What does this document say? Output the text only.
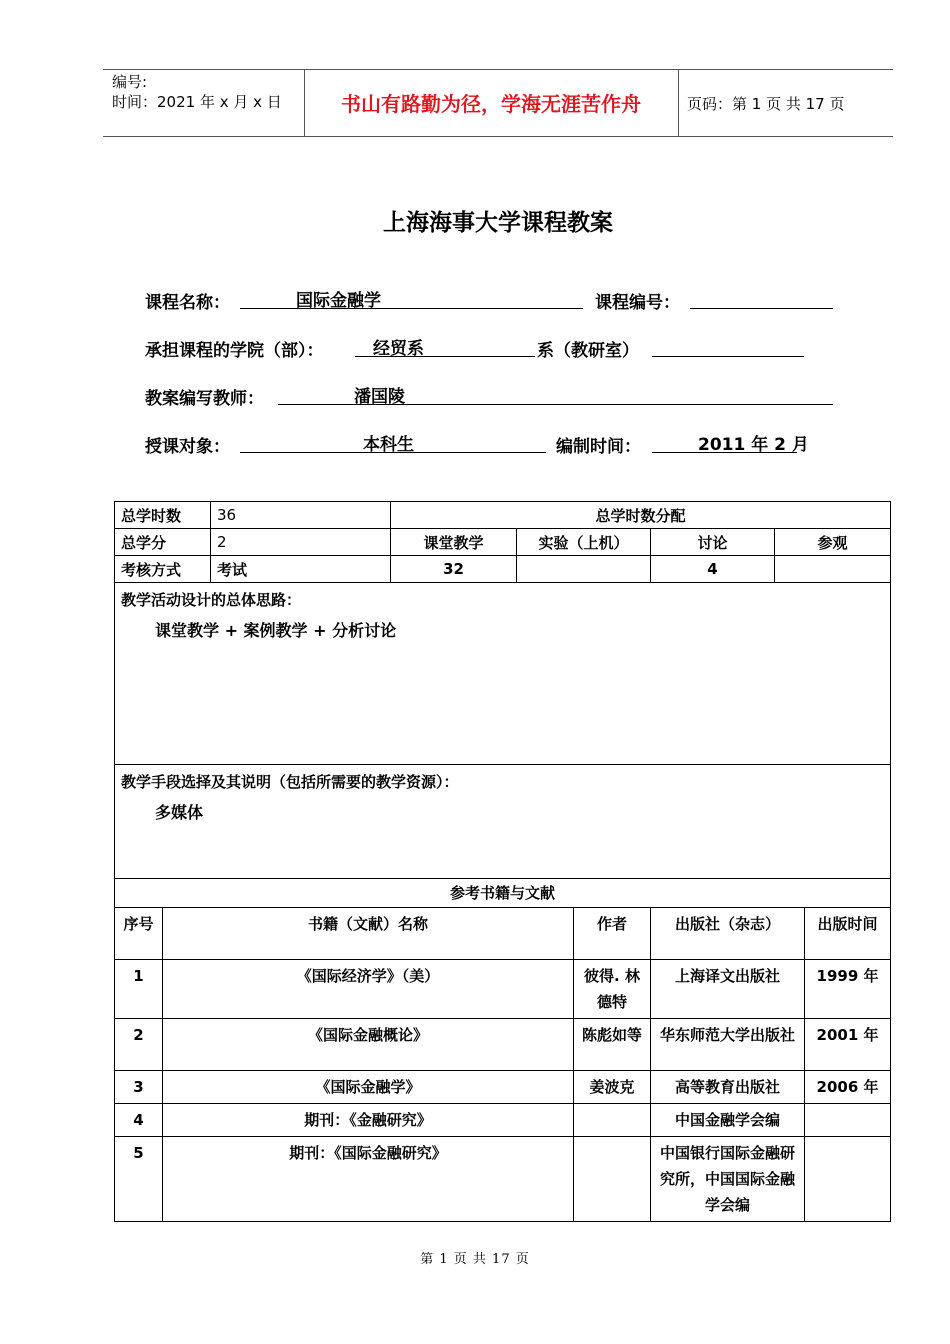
编号:
时间：2021 年 x 月 x 日	书山有路勤为径，学海无涯苦作舟	页码：第 1 页 共 17 页
上海海事大学课程教案
课程名称：	国际金融学	课程编号：
承担课程的学院（部）：	经贸系	系（教研室）
教案编写教师：	潘国陵
授课对象：	本科生	编制时间：	2011 年 2 月
总学时数	36	总学时数分配			
总学分	2	课堂教学	实验（上机）	讨论	参观
考核方式	考试	32		4	

教学活动设计的总体思路：
课堂教学 + 案例教学 + 分析讨论					

教学手段选择及其说明（包括所需要的教学资源）：
多媒体					
参考书籍与文献				
序号	书籍（文献）名称	作者	出版社（杂志）	出版时间
1	《国际经济学》（美）	彼得. 林德特	上海译文出版社	1999 年
2	《国际金融概论》	陈彪如等	华东师范大学出版社	2001 年
3	《国际金融学》	姜波克	高等教育出版社	2006 年
4	期刊：《金融研究》		中国金融学会编	
5	期刊：《国际金融研究》		中国银行国际金融研究所，中国国际金融学会编	
第 1 页 共 17 页
